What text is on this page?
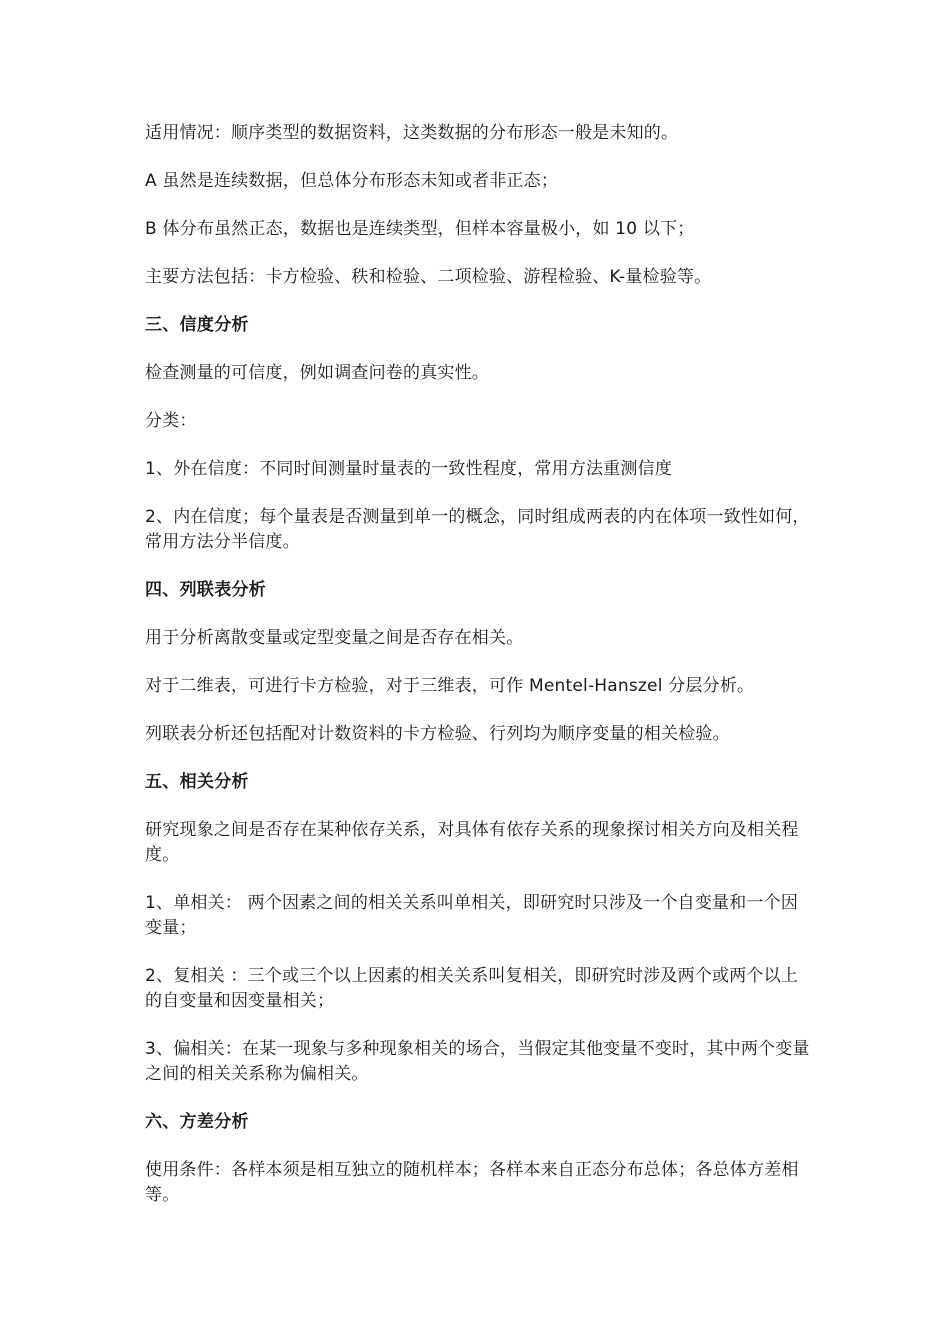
适用情况：顺序类型的数据资料，这类数据的分布形态一般是未知的。

A 虽然是连续数据，但总体分布形态未知或者非正态；

B 体分布虽然正态，数据也是连续类型，但样本容量极小，如 10 以下；

主要方法包括：卡方检验、秩和检验、二项检验、游程检验、K-量检验等。

三、信度分析

检查测量的可信度，例如调查问卷的真实性。

分类：

1、外在信度：不同时间测量时量表的一致性程度，常用方法重测信度

2、内在信度；每个量表是否测量到单一的概念，同时组成两表的内在体项一致性如何，常用方法分半信度。

四、列联表分析

用于分析离散变量或定型变量之间是否存在相关。

对于二维表，可进行卡方检验，对于三维表，可作 Mentel-Hanszel 分层分析。

列联表分析还包括配对计数资料的卡方检验、行列均为顺序变量的相关检验。

五、相关分析

研究现象之间是否存在某种依存关系，对具体有依存关系的现象探讨相关方向及相关程度。

1、单相关： 两个因素之间的相关关系叫单相关，即研究时只涉及一个自变量和一个因变量；

2、复相关 ：三个或三个以上因素的相关关系叫复相关，即研究时涉及两个或两个以上的自变量和因变量相关；

3、偏相关：在某一现象与多种现象相关的场合，当假定其他变量不变时，其中两个变量之间的相关关系称为偏相关。

六、方差分析

使用条件：各样本须是相互独立的随机样本；各样本来自正态分布总体；各总体方差相等。
